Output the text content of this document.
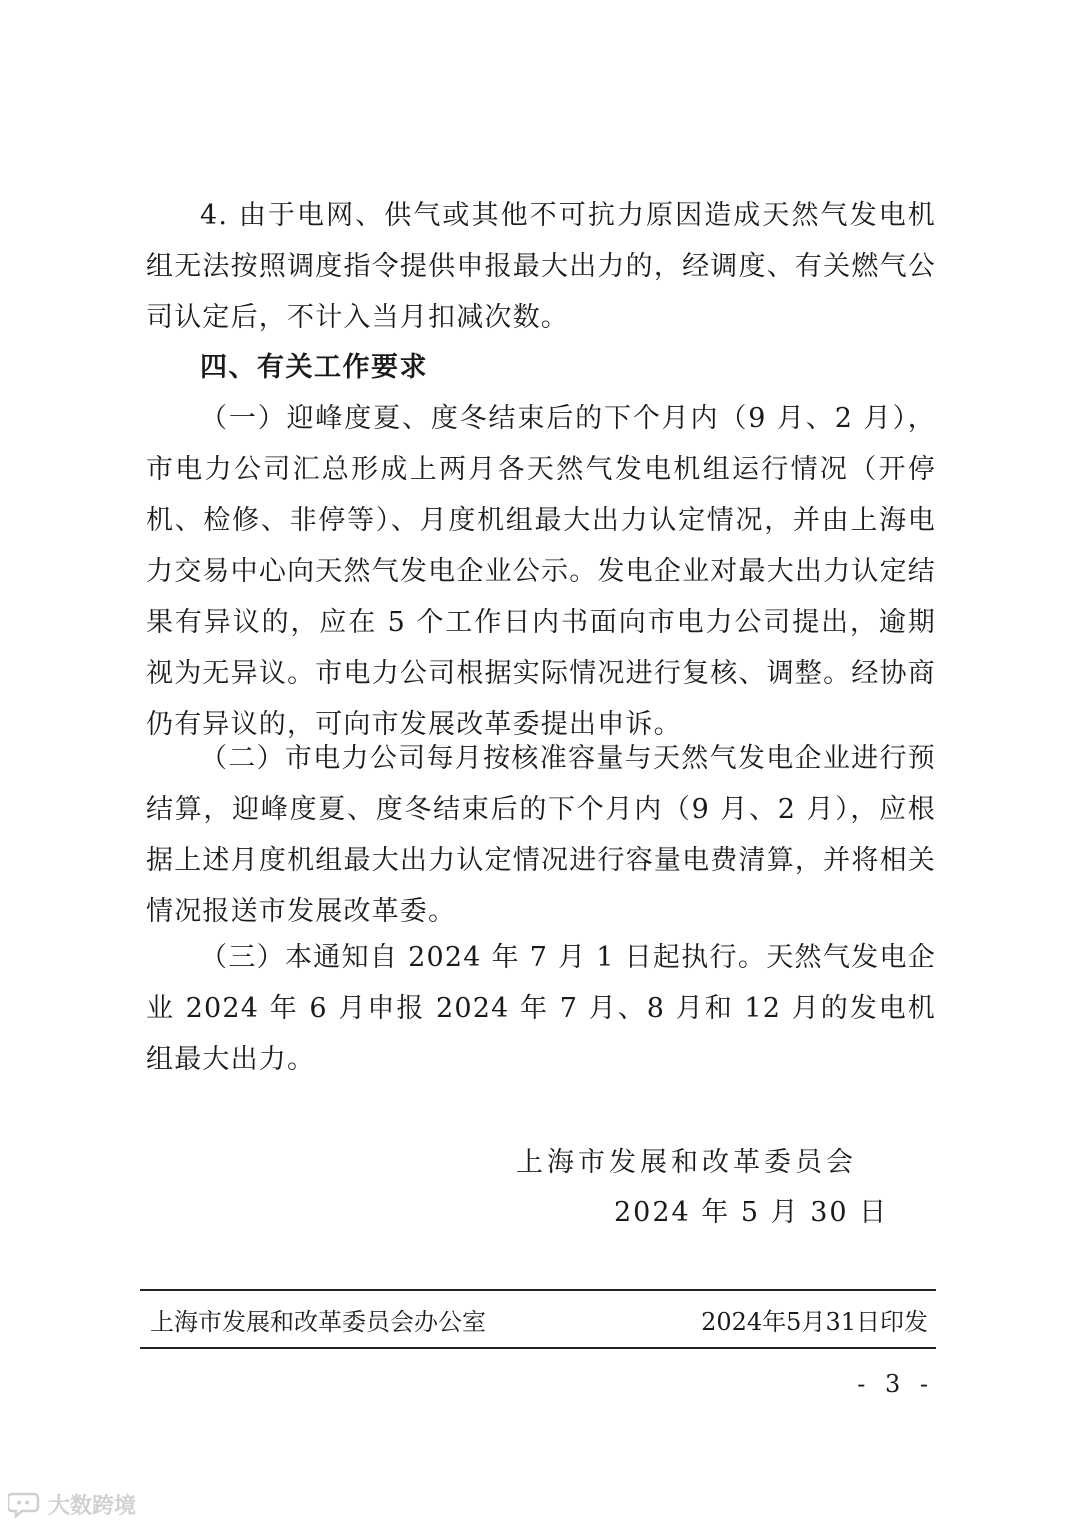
4. 由于电网、供气或其他不可抗力原因造成天然气发电机组无法按照调度指令提供申报最大出力的，经调度、有关燃气公司认定后，不计入当月扣减次数。

四、有关工作要求

（一）迎峰度夏、度冬结束后的下个月内（9 月、2 月），市电力公司汇总形成上两月各天然气发电机组运行情况（开停机、检修、非停等）、月度机组最大出力认定情况，并由上海电力交易中心向天然气发电企业公示。发电企业对最大出力认定结果有异议的，应在 5 个工作日内书面向市电力公司提出，逾期视为无异议。市电力公司根据实际情况进行复核、调整。经协商仍有异议的，可向市发展改革委提出申诉。

（二）市电力公司每月按核准容量与天然气发电企业进行预结算，迎峰度夏、度冬结束后的下个月内（9 月、2 月），应根据上述月度机组最大出力认定情况进行容量电费清算，并将相关情况报送市发展改革委。

（三）本通知自 2024 年 7 月 1 日起执行。天然气发电企业 2024 年 6 月申报 2024 年 7 月、8 月和 12 月的发电机组最大出力。

上海市发展和改革委员会
2024 年 5 月 30 日
上海市发展和改革委员会办公室	2024年5月31日印发
- 3 -
大数跨境
